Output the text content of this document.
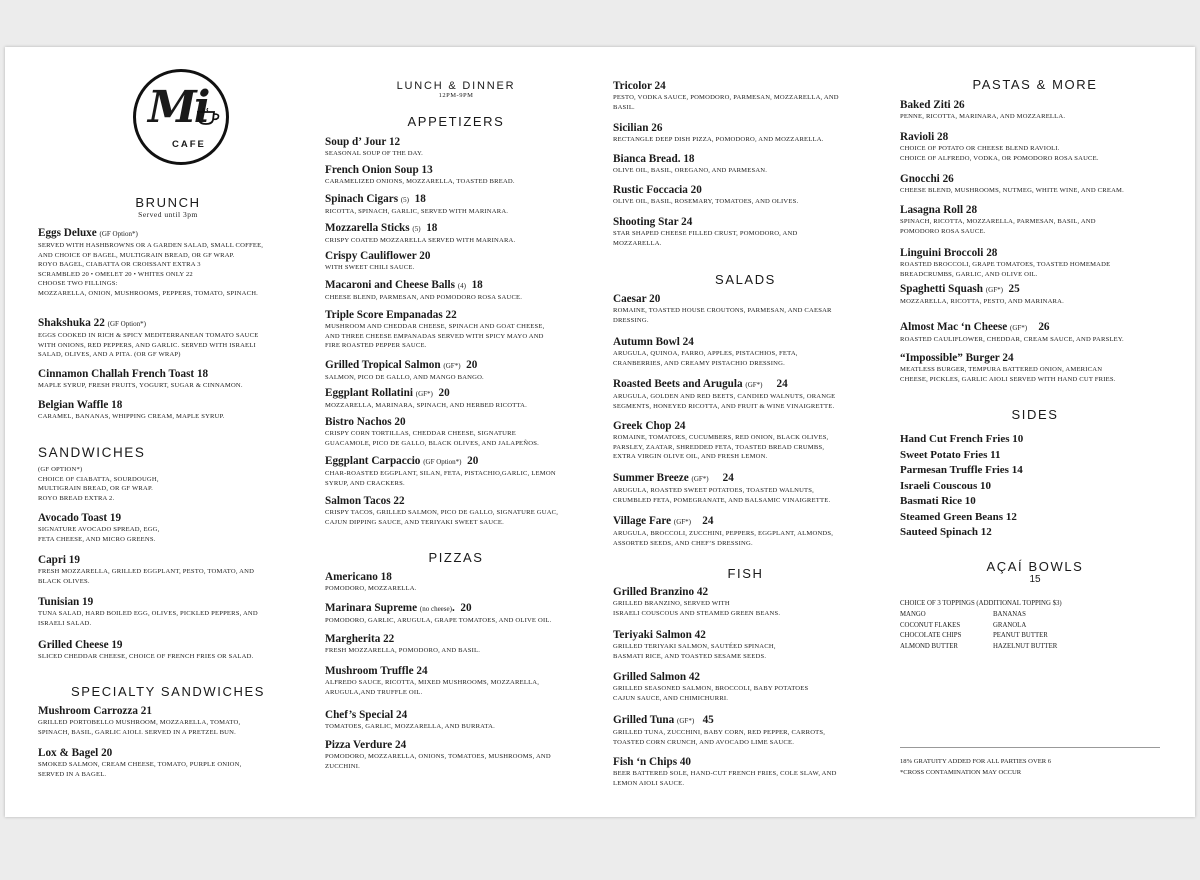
Mi
CAFE
BRUNCH
Served until 3pm
Eggs Deluxe (GF Option*)
SERVED WITH HASHBROWNS OR A GARDEN SALAD, SMALL COFFEE,
AND CHOICE OF BAGEL, MULTIGRAIN BREAD, OR GF WRAP.
ROYO BAGEL, CIABATTA OR CROISSANT EXTRA 3
SCRAMBLED 20 • OMELET 20 • WHITES ONLY 22
CHOOSE TWO FILLINGS:
MOZZARELLA, ONION, MUSHROOMS, PEPPERS, TOMATO, SPINACH.
Shakshuka 22 (GF Option*)
EGGS COOKED IN RICH & SPICY MEDITERRANEAN TOMATO SAUCE
WITH ONIONS, RED PEPPERS, AND GARLIC. SERVED WITH ISRAELI
SALAD, OLIVES, AND A PITA. (OR GF WRAP)
Cinnamon Challah French Toast 18
MAPLE SYRUP, FRESH FRUITS, YOGURT, SUGAR & CINNAMON.
Belgian Waffle 18
CARAMEL, BANANAS, WHIPPING CREAM, MAPLE SYRUP.
SANDWICHES
(GF OPTION*)
CHOICE OF CIABATTA, SOURDOUGH,
MULTIGRAIN BREAD, OR GF WRAP.
ROYO BREAD EXTRA 2.
Avocado Toast 19
SIGNATURE AVOCADO SPREAD, EGG,
FETA CHEESE, AND MICRO GREENS.
Capri 19
FRESH MOZZARELLA, GRILLED EGGPLANT, PESTO, TOMATO, AND
BLACK OLIVES.
Tunisian 19
TUNA SALAD, HARD BOILED EGG, OLIVES, PICKLED PEPPERS, AND
ISRAELI SALAD.
Grilled Cheese 19
SLICED CHEDDAR CHEESE, CHOICE OF FRENCH FRIES OR SALAD.
SPECIALTY SANDWICHES
Mushroom Carrozza 21
GRILLED PORTOBELLO MUSHROOM, MOZZARELLA, TOMATO,
SPINACH, BASIL, GARLIC AIOLI. SERVED IN A PRETZEL BUN.
Lox & Bagel 20
SMOKED SALMON, CREAM CHEESE, TOMATO, PURPLE ONION,
SERVED IN A BAGEL.
LUNCH & DINNER
12PM-9PM
APPETIZERS
Soup d’ Jour 12
SEASONAL SOUP OF THE DAY.
French Onion Soup 13
CARAMELIZED ONIONS, MOZZARELLA, TOASTED BREAD.
Spinach Cigars (5)  18
RICOTTA, SPINACH, GARLIC, SERVED WITH MARINARA.
Mozzarella Sticks (5)  18
CRISPY COATED MOZZARELLA SERVED WITH MARINARA.
Crispy Cauliflower 20
WITH SWEET CHILI SAUCE.
Macaroni and Cheese Balls (4)  18
CHEESE BLEND, PARMESAN, AND POMODORO ROSA SAUCE.
Triple Score Empanadas 22
MUSHROOM AND CHEDDAR CHEESE, SPINACH AND GOAT CHEESE,
AND THREE CHEESE EMPANADAS SERVED WITH SPICY MAYO AND
FIRE ROASTED PEPPER SAUCE.
Grilled Tropical Salmon (GF*)  20
SALMON, PICO DE GALLO, AND MANGO BANGO.
Eggplant Rollatini (GF*)  20
MOZZARELLA, MARINARA, SPINACH, AND HERBED RICOTTA.
Bistro Nachos 20
CRISPY CORN TORTILLAS, CHEDDAR CHEESE, SIGNATURE
GUACAMOLE, PICO DE GALLO, BLACK OLIVES, AND JALAPEÑOS.
Eggplant Carpaccio (GF Option*)  20
CHAR-ROASTED EGGPLANT, SILAN, FETA, PISTACHIO,GARLIC, LEMON
SYRUP, AND CRACKERS.
Salmon Tacos 22
CRISPY TACOS, GRILLED SALMON, PICO DE GALLO, SIGNATURE GUAC,
CAJUN DIPPING SAUCE, AND TERIYAKI SWEET SAUCE.
PIZZAS
Americano 18
POMODORO, MOZZARELLA.
Marinara Supreme (no cheese).  20
POMODORO, GARLIC, ARUGULA, GRAPE TOMATOES, AND OLIVE OIL.
Margherita 22
FRESH MOZZARELLA, POMODORO, AND BASIL.
Mushroom Truffle 24
ALFREDO SAUCE, RICOTTA, MIXED MUSHROOMS, MOZZARELLA,
ARUGULA,AND TRUFFLE OIL.
Chef’s Special 24
TOMATOES, GARLIC, MOZZARELLA, AND BURRATA.
Pizza Verdure 24
POMODORO, MOZZARELLA, ONIONS, TOMATOES, MUSHROOMS, AND
ZUCCHINI.
Tricolor 24
PESTO, VODKA SAUCE, POMODORO, PARMESAN, MOZZARELLA, AND
BASIL.
Sicilian 26
RECTANGLE DEEP DISH PIZZA, POMODORO, AND MOZZARELLA.
Bianca Bread. 18
OLIVE OIL, BASIL, OREGANO, AND PARMESAN.
Rustic Foccacia 20
OLIVE OIL, BASIL, ROSEMARY, TOMATOES, AND OLIVES.
Shooting Star 24
STAR SHAPED CHEESE FILLED CRUST, POMODORO, AND
MOZZARELLA.
SALADS
Caesar 20
ROMAINE, TOASTED HOUSE CROUTONS, PARMESAN, AND CAESAR
DRESSING.
Autumn Bowl 24
ARUGULA, QUINOA, FARRO, APPLES, PISTACHIOS, FETA,
CRANBERRIES, AND CREAMY PISTACHIO DRESSING.
Roasted Beets and Arugula (GF*)     24
ARUGULA, GOLDEN AND RED BEETS, CANDIED WALNUTS, ORANGE
SEGMENTS, HONEYED RICOTTA, AND FRUIT & WINE VINAIGRETTE.
Greek Chop 24
ROMAINE, TOMATOES, CUCUMBERS, RED ONION, BLACK OLIVES,
PARSLEY, ZAATAR, SHREDDED FETA, TOASTED BREAD CRUMBS,
EXTRA VIRGIN OLIVE OIL, AND FRESH LEMON.
Summer Breeze (GF*)     24
ARUGULA, ROASTED SWEET POTATOES, TOASTED WALNUTS,
CRUMBLED FETA, POMEGRANATE, AND BALSAMIC VINAIGRETTE.
Village Fare (GF*)    24
ARUGULA, BROCCOLI, ZUCCHINI, PEPPERS, EGGPLANT, ALMONDS,
ASSORTED SEEDS, AND CHEF’S DRESSING.
FISH
Grilled Branzino 42
GRILLED BRANZINO, SERVED WITH
ISRAELI COUSCOUS AND STEAMED GREEN BEANS.
Teriyaki Salmon 42
GRILLED TERIYAKI SALMON, SAUTÉED SPINACH,
BASMATI RICE, AND TOASTED SESAME SEEDS.
Grilled Salmon 42
GRILLED SEASONED SALMON, BROCCOLI, BABY POTATOES
CAJUN SAUCE, AND CHIMICHURRI.
Grilled Tuna (GF*)   45
GRILLED TUNA, ZUCCHINI, BABY CORN, RED PEPPER, CARROTS,
TOASTED CORN CRUNCH, AND AVOCADO LIME SAUCE.
Fish ‘n Chips 40
BEER BATTERED SOLE, HAND-CUT FRENCH FRIES, COLE SLAW, AND
LEMON AIOLI SAUCE.
PASTAS & MORE
Baked Ziti 26
PENNE, RICOTTA, MARINARA, AND MOZZARELLA.
Ravioli 28
CHOICE OF POTATO OR CHEESE BLEND RAVIOLI.
CHOICE OF ALFREDO, VODKA, OR POMODORO ROSA SAUCE.
Gnocchi 26
CHEESE BLEND, MUSHROOMS, NUTMEG, WHITE WINE, AND CREAM.
Lasagna Roll 28
SPINACH, RICOTTA, MOZZARELLA, PARMESAN, BASIL, AND
POMODORO ROSA SAUCE.
Linguini Broccoli 28
ROASTED BROCCOLI, GRAPE TOMATOES, TOASTED HOMEMADE
BREADCRUMBS, GARLIC, AND OLIVE OIL.
Spaghetti Squash (GF*)  25
MOZZARELLA, RICOTTA, PESTO, AND MARINARA.
Almost Mac ‘n Cheese (GF*)    26
ROASTED CAULIFLOWER, CHEDDAR, CREAM SAUCE, AND PARSLEY.
“Impossible” Burger 24
MEATLESS BURGER, TEMPURA BATTERED ONION, AMERICAN
CHEESE, PICKLES, GARLIC AIOLI SERVED WITH HAND CUT FRIES.
SIDES
Hand Cut French Fries 10
Sweet Potato Fries 11
Parmesan Truffle Fries 14
Israeli Couscous 10
Basmati Rice 10
Steamed Green Beans 12
Sauteed Spinach 12
AÇAÍ BOWLS
15
CHOICE OF 3 TOPPINGS (ADDITIONAL TOPPING $3)
MANGO
COCONUT FLAKES
CHOCOLATE CHIPS
ALMOND BUTTER
BANANAS
GRANOLA
PEANUT BUTTER
HAZELNUT BUTTER
18% GRATUITY ADDED FOR ALL PARTIES OVER 6
*CROSS CONTAMINATION MAY OCCUR
